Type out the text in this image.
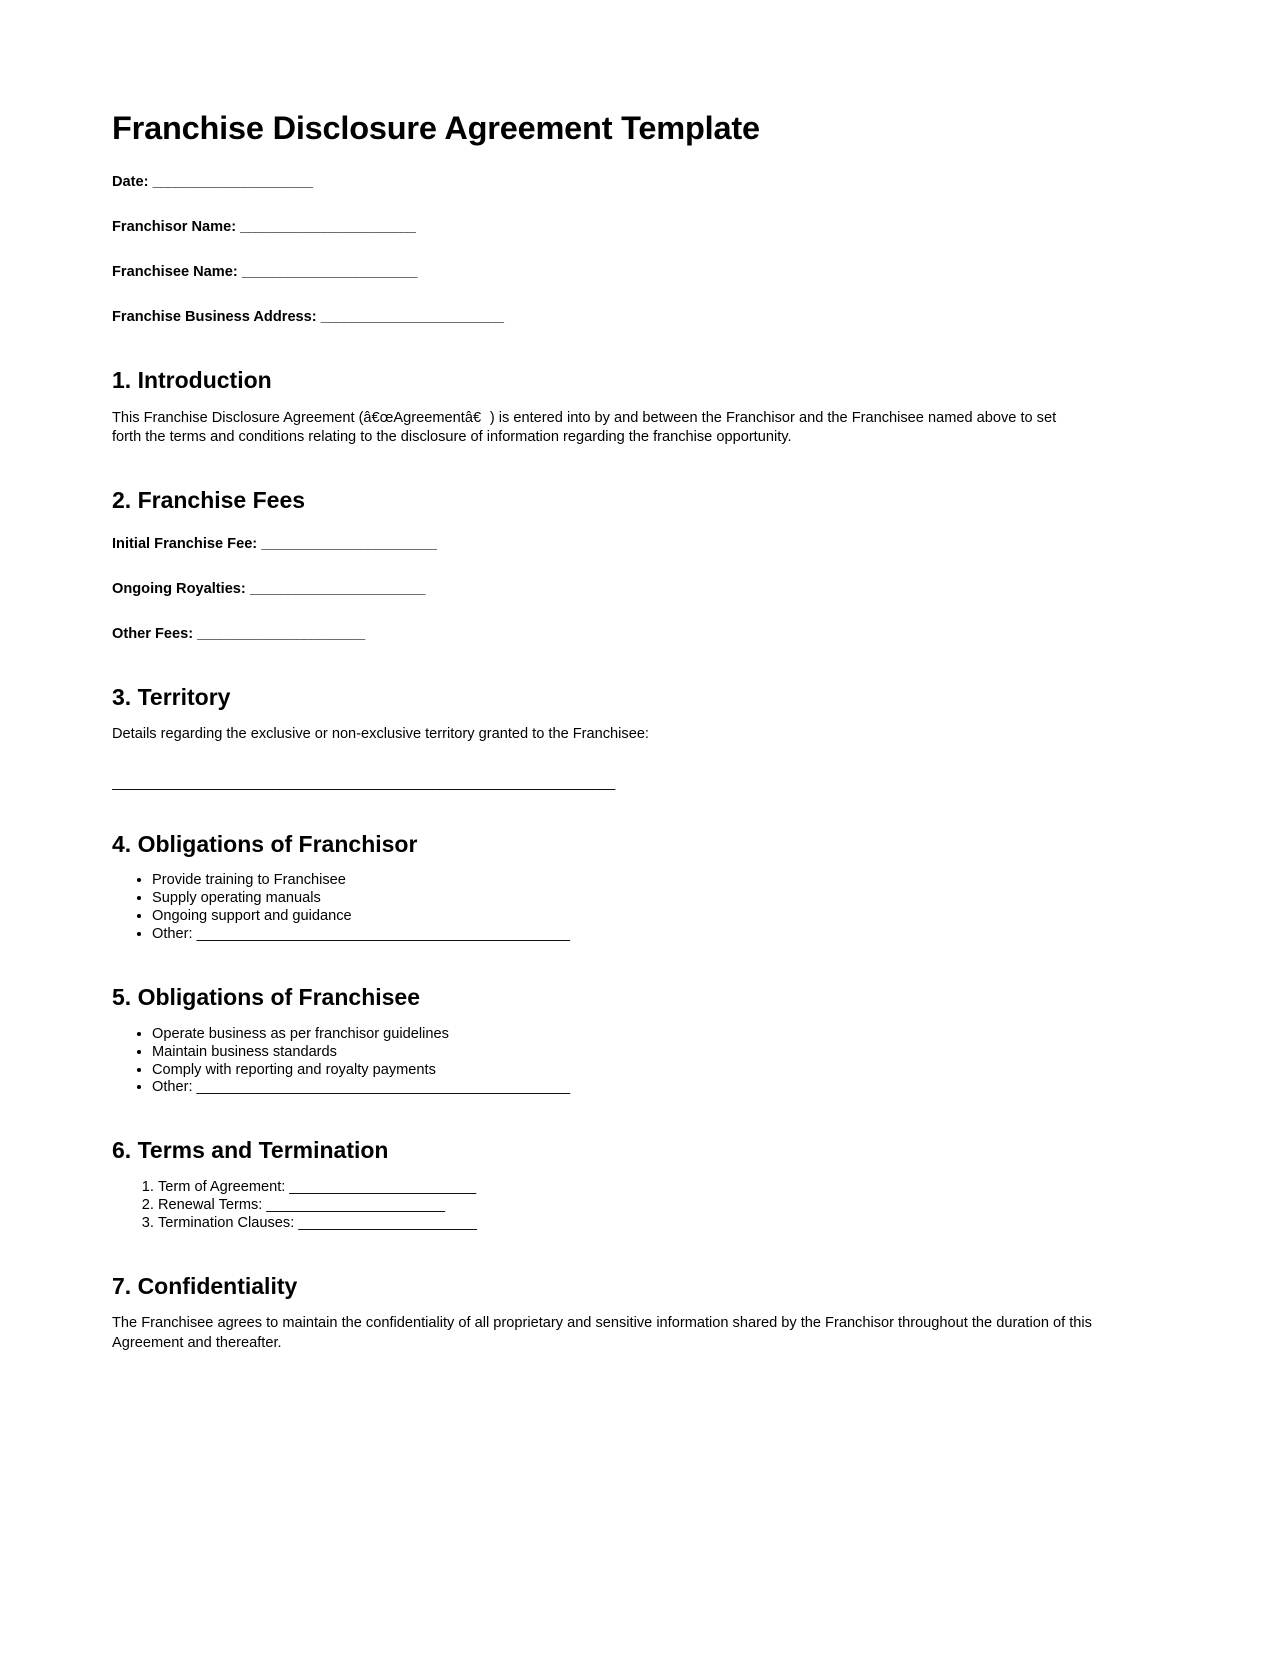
Franchise Disclosure Agreement Template
Date: _____________________
Franchisor Name: _______________________
Franchisee Name: _______________________
Franchise Business Address: ________________________
1. Introduction

This Franchise Disclosure Agreement (â€œAgreementâ€) is entered into by and between the Franchisor and the Franchisee named above to set forth the terms and conditions relating to the disclosure of information regarding the franchise opportunity.

2. Franchise Fees
Initial Franchise Fee: _______________________
Ongoing Royalties: _______________________
Other Fees: ______________________
3. Territory

Details regarding the exclusive or non-exclusive territory granted to the Franchisee:

__________________________________________________________________
4. Obligations of Franchisor
• Provide training to Franchisee
• Supply operating manuals
• Ongoing support and guidance
• Other: ______________________________________________
5. Obligations of Franchisee
• Operate business as per franchisor guidelines
• Maintain business standards
• Comply with reporting and royalty payments
• Other: ______________________________________________
6. Terms and Termination
1. Term of Agreement: _______________________
2. Renewal Terms: ______________________
3. Termination Clauses: ______________________
7. Confidentiality

The Franchisee agrees to maintain the confidentiality of all proprietary and sensitive information shared by the Franchisor throughout the duration of this Agreement and thereafter.
